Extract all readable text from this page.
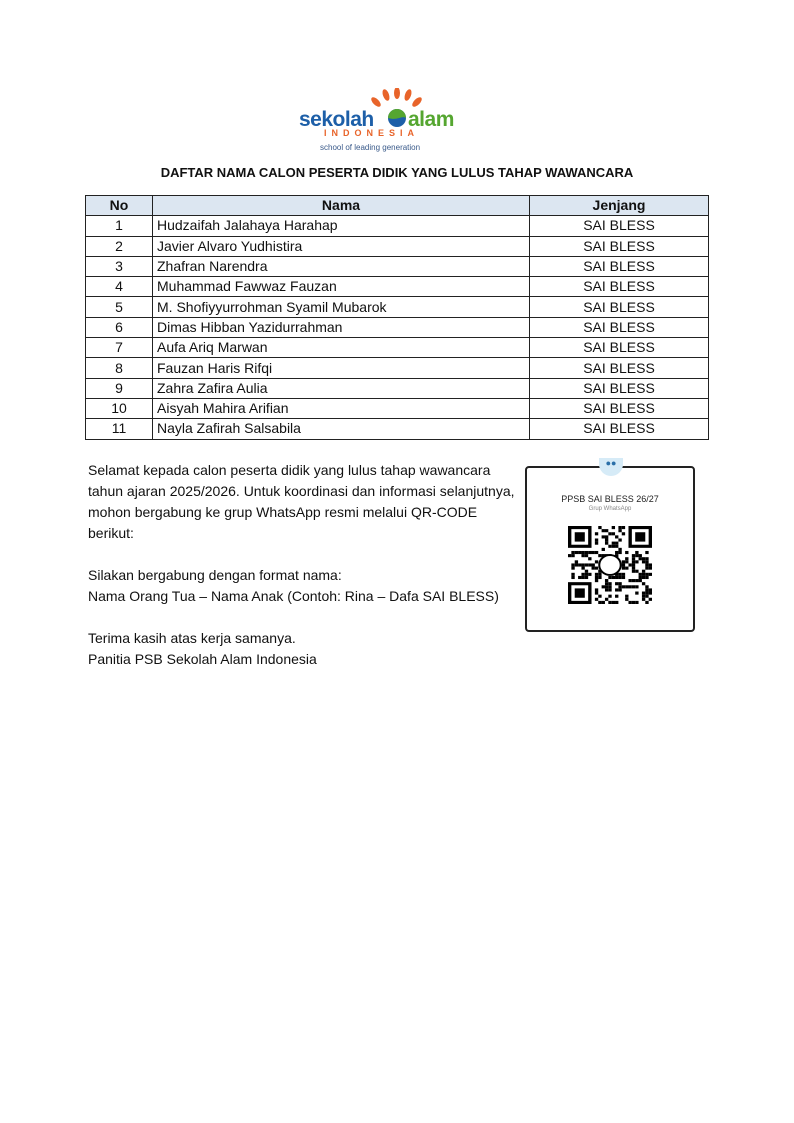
sekolah alam
INDONESIA
school of leading generation
DAFTAR NAMA CALON PESERTA DIDIK YANG LULUS TAHAP WAWANCARA
No	Nama	Jenjang
1	Hudzaifah Jalahaya Harahap	SAI BLESS
2	Javier Alvaro Yudhistira	SAI BLESS
3	Zhafran Narendra	SAI BLESS
4	Muhammad Fawwaz Fauzan	SAI BLESS
5	M. Shofiyyurrohman Syamil Mubarok	SAI BLESS
6	Dimas Hibban Yazidurrahman	SAI BLESS
7	Aufa Ariq Marwan	SAI BLESS
8	Fauzan Haris Rifqi	SAI BLESS
9	Zahra Zafira Aulia	SAI BLESS
10	Aisyah Mahira Arifian	SAI BLESS
11	Nayla Zafirah Salsabila	SAI BLESS

Selamat kepada calon peserta didik yang lulus tahap wawancara tahun ajaran 2025/2026. Untuk koordinasi dan informasi selanjutnya, mohon bergabung ke grup WhatsApp resmi melalui QR-CODE berikut:

Silakan bergabung dengan format nama:

Nama Orang Tua – Nama Anak (Contoh: Rina – Dafa SAI BLESS)

Terima kasih atas kerja samanya.

Panitia PSB Sekolah Alam Indonesia

●●
PPSB SAI BLESS 26/27
Grup WhatsApp
